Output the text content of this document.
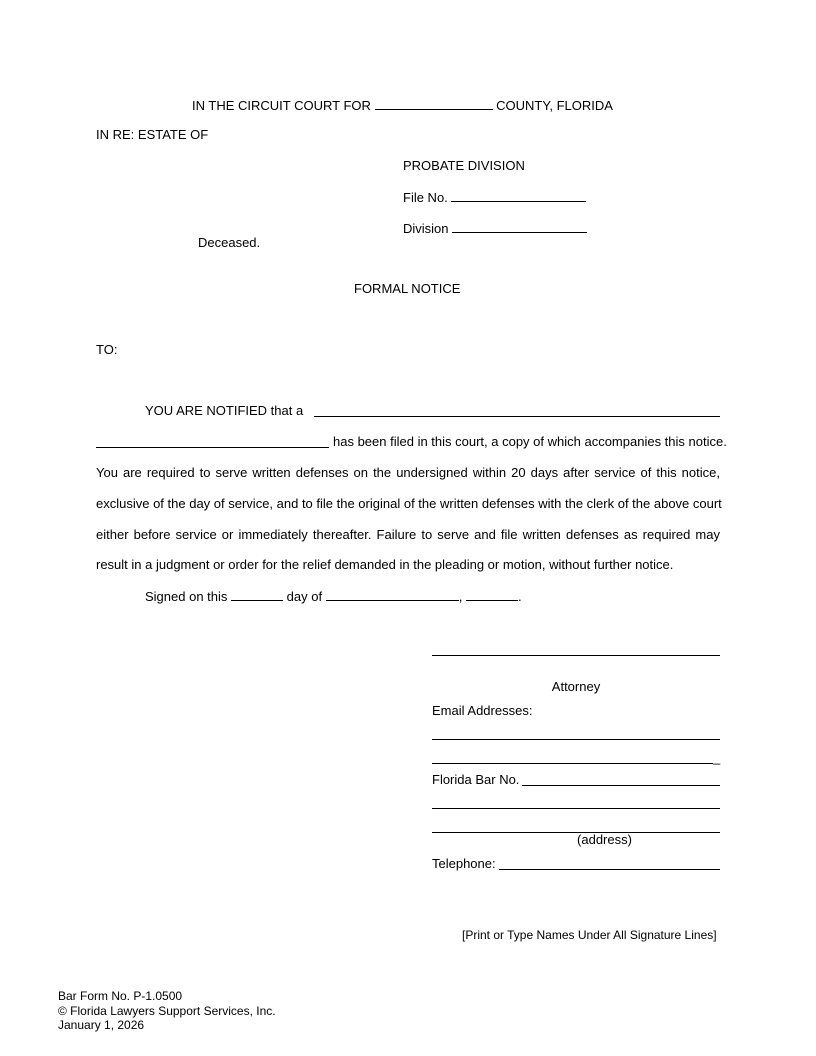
IN THE CIRCUIT COURT FOR	COUNTY, FLORIDA
IN RE: ESTATE OF
PROBATE DIVISION
File No.
Division
Deceased.
FORMAL NOTICE
TO:
YOU ARE NOTIFIED that a
has been filed in this court, a copy of which accompanies this notice.
You are required to serve written defenses on the undersigned within 20 days after service of this notice,
exclusive of the day of service, and to file the original of the written defenses with the clerk of the above court
either before service or immediately thereafter. Failure to serve and file written defenses as required may
result in a judgment or order for the relief demanded in the pleading or motion, without further notice.
Signed on this	day of	,	.
Attorney
Email Addresses:
_
Florida Bar No.
(address)
Telephone:
[Print or Type Names Under All Signature Lines]
Bar Form No. P-1.0500
© Florida Lawyers Support Services, Inc.
January 1, 2026
